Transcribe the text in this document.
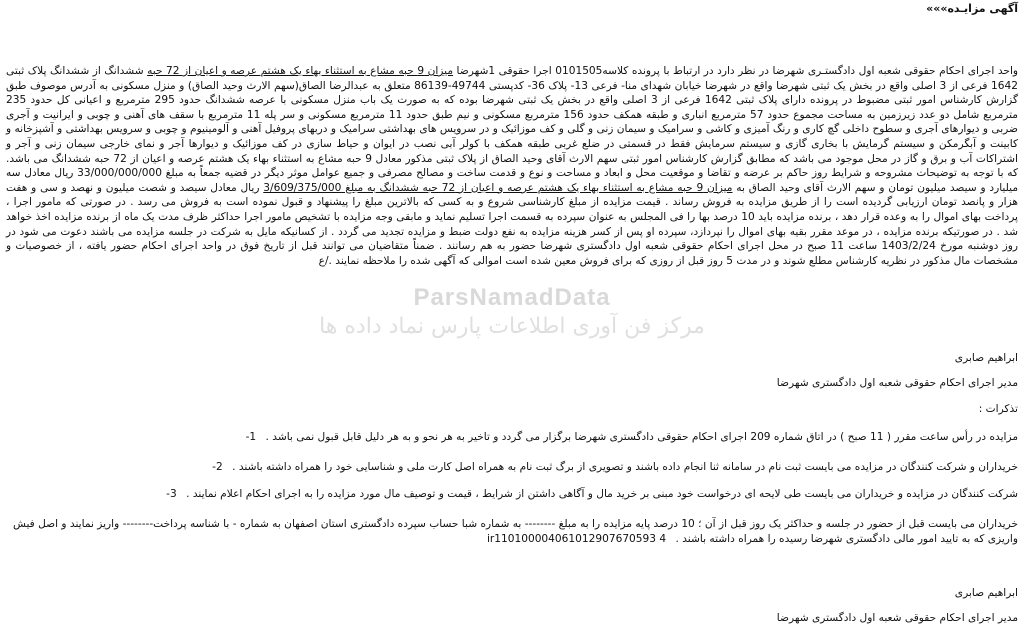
آگهی مزایـده»»»
واحد اجرای احکام حقوقی شعبه اول دادگستـری شهرضا در نظر دارد در ارتباط با پرونده کلاسه0101505 اجرا حقوقی 1شهرضا میزان 9 حبه مشاع به استثناء بهاء یک هشتم عرصه و اعیان از 72 حبه ششدانگ از ششدانگ پلاک ثبتی 1642 فرعی از 3 اصلی واقع در بخش یک ثبتی شهرضا واقع در شهرضا خیابان شهدای منا- فرعی 13- پلاک 36- کدپستی 49744-86139 متعلق به عبدالرضا الصاق(سهم الارث وحید الصاق) و منزل مسکونی به آدرس موصوف طبق گزارش کارشناس امور ثبتی مضبوط در پرونده دارای پلاک ثبتی 1642 فرعی از 3 اصلی واقع در بخش یک ثبتی شهرضا بوده که به صورت یک باب منزل مسکونی با عرصه ششدانگ حدود 295 مترمربع و اعیانی کل حدود 235 مترمربع شامل دو عدد زیرزمین به مساحت مجموع حدود 57 مترمربع انباری و طبقه همکف حدود 156 مترمربع مسکونی و نیم طبق حدود 11 مترمربع مسکونی و سر پله 11 مترمربع با سقف های آهنی و چوبی و ایرانیت و آجری ضربی و دیوارهای آجری و سطوح داخلی گچ کاری و رنگ آمیزی و کاشی و سرامیک و سیمان زنی و گلی و کف موزائیک و در سرویس های بهداشتی سرامیک و دربهای پروفیل آهنی و آلومینیوم و چوبی و سرویس بهداشتی و آشپزخانه و کابینت و آبگرمکن و سیستم گرمایش با بخاری گازی و سیستم سرمایش فقط در قسمتی در ضلع غربی طبقه همکف با کولر آبی نصب در ایوان و حیاط سازی در کف موزائیک و دیوارها آجر و نمای خارجی سیمان زنی و آجر و اشتراکات آب و برق و گاز در محل موجود می باشد که مطابق گزارش کارشناس امور ثبتی سهم الارث آقای وحید الصاق از پلاک ثبتی مذکور معادل 9 حبه مشاع به استثناء بهاء یک هشتم عرصه و اعیان از 72 حبه ششدانگ می باشد. که با توجه به توضیحات مشروحه و شرایط روز حاکم بر عرضه و تقاضا و موقعیت محل و ابعاد و مساحت و نوع و قدمت ساخت و مصالح مصرفی و جمیع عوامل موثر دیگر در قضیه جمعاً به مبلغ 33/000/000/000 ریال معادل سه میلیارد و سیصد میلیون تومان و سهم الارث آقای وحید الصاق به میزان 9 حبه مشاع به استثناء بهاء یک هشتم عرصه و اعیان از 72 حبه ششدانگ به مبلغ 3/609/375/000 ریال معادل سیصد و شصت میلیون و نهصد و سی و هفت هزار و پانصد تومان ارزیابی گردیده است را از طریق مزایده به فروش رساند . قیمت مزایده از مبلغ کارشناسی شروع و به کسی که بالاترین مبلغ را پیشنهاد و قبول نموده است به فروش می رسد . در صورتی که مامور اجرا ، پرداخت بهای اموال را به وعده قرار دهد ، برنده مزایده باید 10 درصد بها را فی المجلس به عنوان سپرده به قسمت اجرا تسلیم نماید و مابقی وجه مزایده با تشخیص مامور اجرا حداکثر ظرف مدت یک ماه از برنده مزایده اخذ خواهد شد . در صورتیکه برنده مزایده ، در موعد مقرر بقیه بهای اموال را نپردازد، سپرده او پس از کسر هزینه مزایده به نفع دولت ضبط و مزایده تجدید می گردد . از کسانیکه مایل به شرکت در جلسه مزایده می باشند دعوت می شود در روز دوشنبه مورخ 1403/2/24 ساعت 11 صبح در محل اجرای احکام حقوقی شعبه اول دادگستری شهرضا حضور به هم رسانند . ضمناً متقاضیان می توانند قبل از تاریخ فوق در واحد اجرای احکام حضور یافته ، از خصوصیات و مشخصات مال مذکور در نظریه کارشناس مطلع شوند و در مدت 5 روز قبل از روزی که برای فروش معین شده است اموالی که آگهی شده را ملاحظه نمایند ./ع
ParsNamadData
مرکز فن آوری اطلاعات پارس نماد داده ها
ابراهیم صابری
مدیر اجرای احکام حقوقی شعبه اول دادگستری شهرضا
تذکرات :
مزایده در رأس ساعت مقرر ( 11 صبح ) در اتاق شماره 209 اجرای احکام حقوقی دادگستری شهرضا برگزار می گردد و تاخیر به هر نحو و به هر دلیل قابل قبول نمی باشد . 1-
خریداران و شرکت کنندگان در مزایده می بایست ثبت نام در سامانه ثنا انجام داده باشند و تصویری از برگ ثبت نام به همراه اصل کارت ملی و شناسایی خود را همراه داشته باشند . 2-
شرکت کنندگان در مزایده و خریداران می بایست طی لایحه ای درخواست خود مبنی بر خرید مال و آگاهی داشتن از شرایط ، قیمت و توصیف مال مورد مزایده را به اجرای احکام اعلام نمایند . 3-
خریداران می بایست قبل از حضور در جلسه و حداکثر یک روز قبل از آن ؛ 10 درصد پایه مزایده را به مبلغ -------- به شماره شبا حساب سپرده دادگستری استان اصفهان به شماره - با شناسه پرداخت-------- واریز نمایند و اصل فیش واریزی که به تایید امور مالی دادگستری شهرضا رسیده را همراه داشته باشند . 4 ir110100004061012907670593
ابراهیم صابری
مدیر اجرای احکام حقوقی شعبه اول دادگستری شهرضا
